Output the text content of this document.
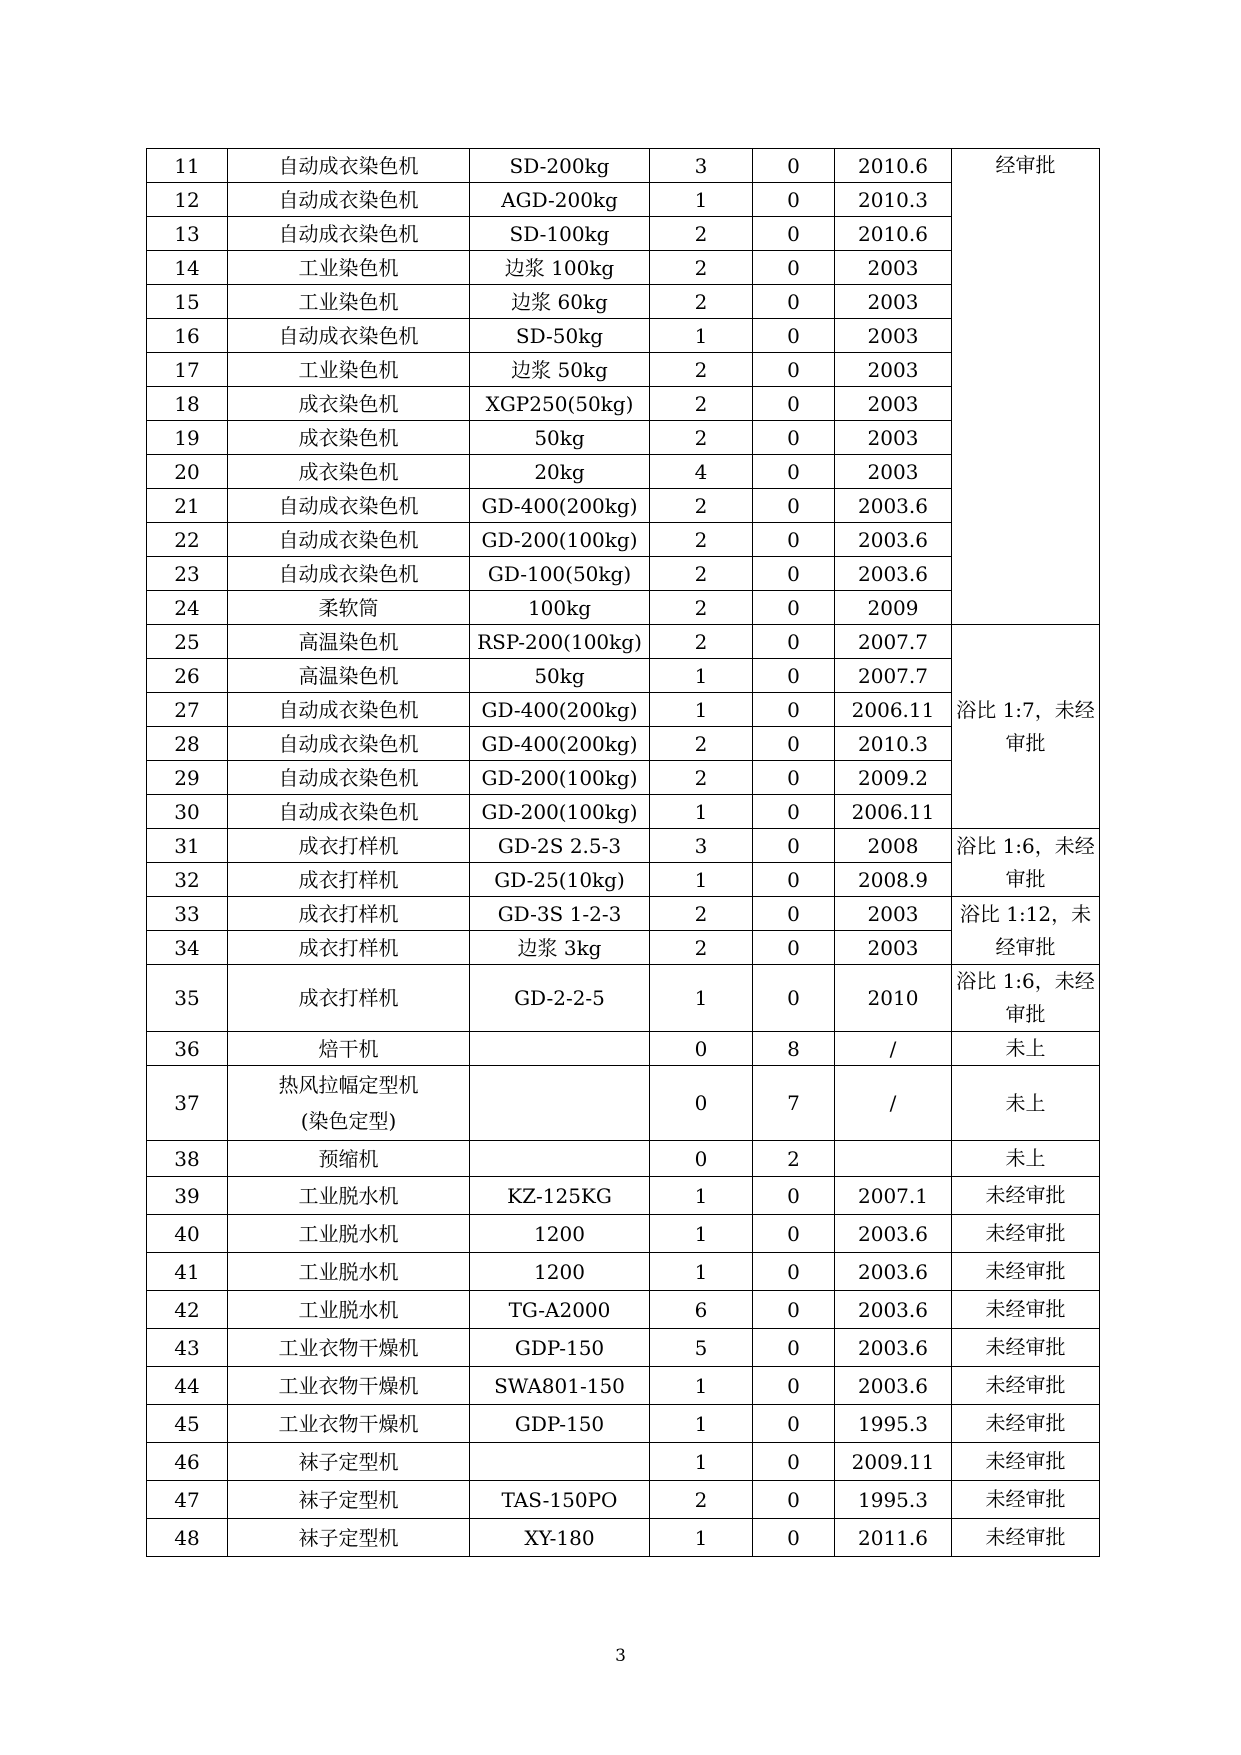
11	自动成衣染色机	SD-200kg	3	0	2010.6	经审批
12	自动成衣染色机	AGD-200kg	1	0	2010.3	
13	自动成衣染色机	SD-100kg	2	0	2010.6	
14	工业染色机	边浆 100kg	2	0	2003	
15	工业染色机	边浆 60kg	2	0	2003	
16	自动成衣染色机	SD-50kg	1	0	2003	
17	工业染色机	边浆 50kg	2	0	2003	
18	成衣染色机	XGP250(50kg)	2	0	2003	
19	成衣染色机	50kg	2	0	2003	
20	成衣染色机	20kg	4	0	2003	
21	自动成衣染色机	GD-400(200kg)	2	0	2003.6	
22	自动成衣染色机	GD-200(100kg)	2	0	2003.6	
23	自动成衣染色机	GD-100(50kg)	2	0	2003.6	
24	柔软筒	100kg	2	0	2009	
25	高温染色机	RSP-200(100kg)	2	0	2007.7	浴比 1:7，未经审批
26	高温染色机	50kg	1	0	2007.7	
27	自动成衣染色机	GD-400(200kg)	1	0	2006.11	
28	自动成衣染色机	GD-400(200kg)	2	0	2010.3	
29	自动成衣染色机	GD-200(100kg)	2	0	2009.2	
30	自动成衣染色机	GD-200(100kg)	1	0	2006.11	
31	成衣打样机	GD-2S 2.5-3	3	0	2008	浴比 1:6，未经审批
32	成衣打样机	GD-25(10kg)	1	0	2008.9	
33	成衣打样机	GD-3S 1-2-3	2	0	2003	浴比 1:12，未经审批
34	成衣打样机	边浆 3kg	2	0	2003	
35	成衣打样机	GD-2-2-5	1	0	2010	浴比 1:6，未经审批
36	焙干机		0	8	/	未上
37	热风拉幅定型机
(染色定型)		0	7	/	未上
38	预缩机		0	2		未上
39	工业脱水机	KZ-125KG	1	0	2007.1	未经审批
40	工业脱水机	1200	1	0	2003.6	未经审批
41	工业脱水机	1200	1	0	2003.6	未经审批
42	工业脱水机	TG-A2000	6	0	2003.6	未经审批
43	工业衣物干燥机	GDP-150	5	0	2003.6	未经审批
44	工业衣物干燥机	SWA801-150	1	0	2003.6	未经审批
45	工业衣物干燥机	GDP-150	1	0	1995.3	未经审批
46	袜子定型机		1	0	2009.11	未经审批
47	袜子定型机	TAS-150PO	2	0	1995.3	未经审批
48	袜子定型机	XY-180	1	0	2011.6	未经审批
3
